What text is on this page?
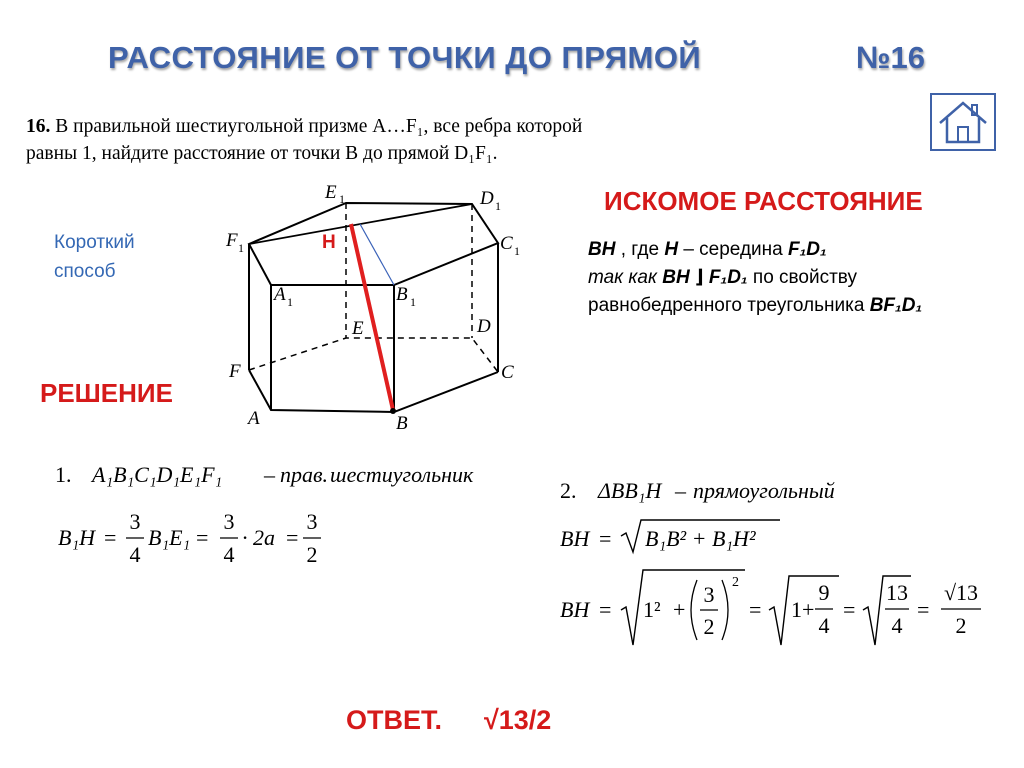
РАССТОЯНИЕ ОТ ТОЧКИ ДО ПРЯМОЙ	№16
16. В правильной шестиугольной призме A…F₁, все ребра которой
равны 1, найдите расстояние от точки B до прямой D₁F₁.
Короткий способ
РЕШЕНИЕ
E 1	D 1
F 1	C 1
A 1	B 1
H
E	D
F	C
A	B
ИСКОМОЕ РАССТОЯНИЕ
BH , где H – середина F₁D₁
так как BH ⌋ F₁D₁ по свойству
равнобедренного треугольника BF₁D₁
1. A₁B₁C₁D₁E₁F₁ – прав. шестиугольник
B₁H =
3
4
B₁E₁ =
3
4
· 2a =
3
2
2. ΔBB₁H – прямоугольный
BH = B₁B² + B₁H²
BH = 1² +
3
2
2
= 1+
9
4
=
13
4
=
√13
2
ОТВЕТ. √13/2
